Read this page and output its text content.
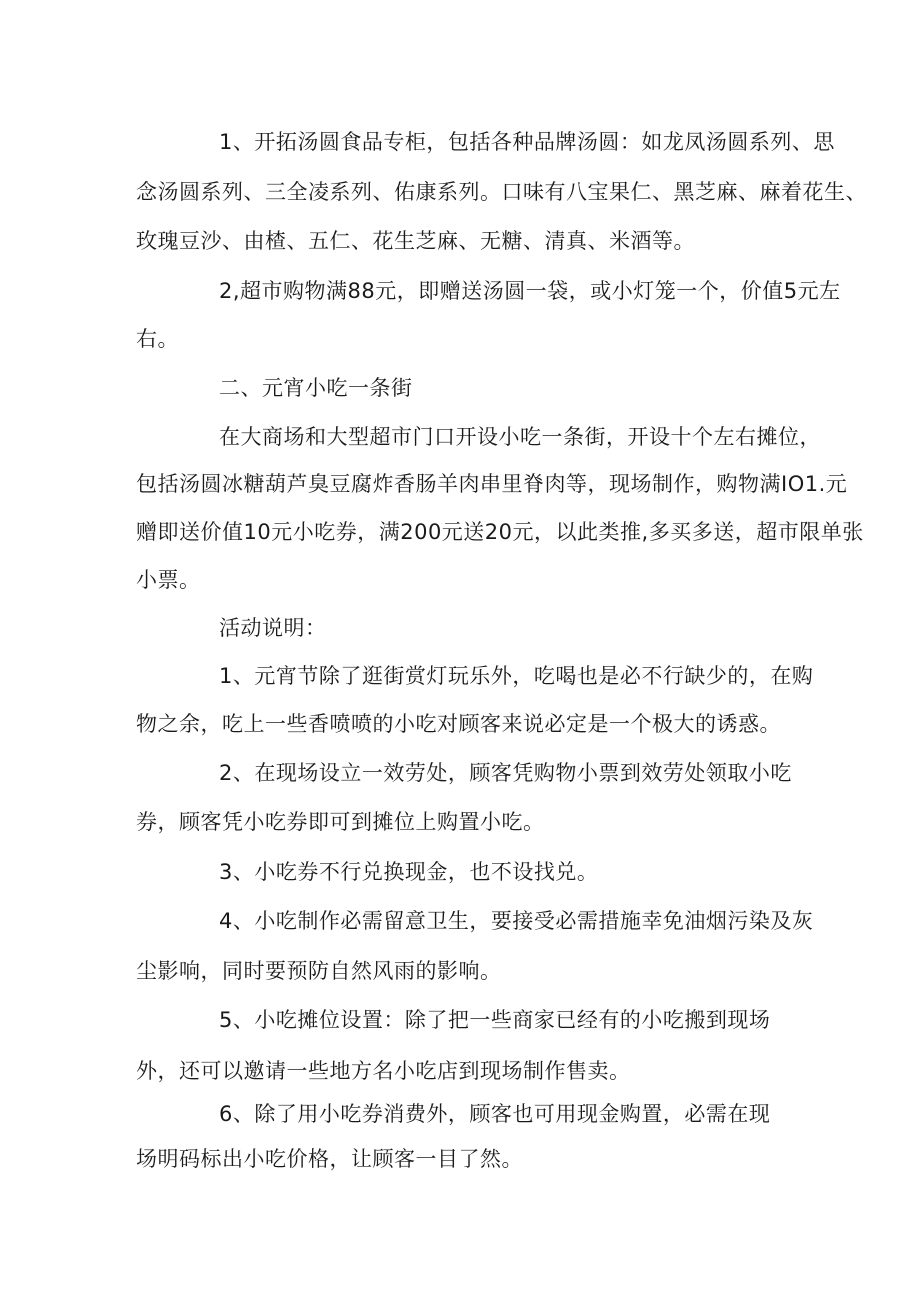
1、开拓汤圆食品专柜，包括各种品牌汤圆：如龙凤汤圆系列、思
念汤圆系列、三全凌系列、佑康系列。口味有八宝果仁、黑芝麻、麻着花生、
玫瑰豆沙、由楂、五仁、花生芝麻、无糖、清真、米酒等。
2,超市购物满88元，即赠送汤圆一袋，或小灯笼一个，价值5元左
右。
二、元宵小吃一条街
在大商场和大型超市门口开设小吃一条街，开设十个左右摊位，
包括汤圆冰糖葫芦臭豆腐炸香肠羊肉串里脊肉等，现场制作，购物满IO1.元
赠即送价值10元小吃券，满200元送20元，以此类推,多买多送，超市限单张
小票。
活动说明：
1、元宵节除了逛街赏灯玩乐外，吃喝也是必不行缺少的，在购
物之余，吃上一些香喷喷的小吃对顾客来说必定是一个极大的诱惑。
2、在现场设立一效劳处，顾客凭购物小票到效劳处领取小吃
券，顾客凭小吃券即可到摊位上购置小吃。
3、小吃券不行兑换现金，也不设找兑。
4、小吃制作必需留意卫生，要接受必需措施幸免油烟污染及灰
尘影响，同时要预防自然风雨的影响。
5、小吃摊位设置：除了把一些商家已经有的小吃搬到现场
外，还可以邀请一些地方名小吃店到现场制作售卖。
6、除了用小吃券消费外，顾客也可用现金购置，必需在现
场明码标出小吃价格，让顾客一目了然。
